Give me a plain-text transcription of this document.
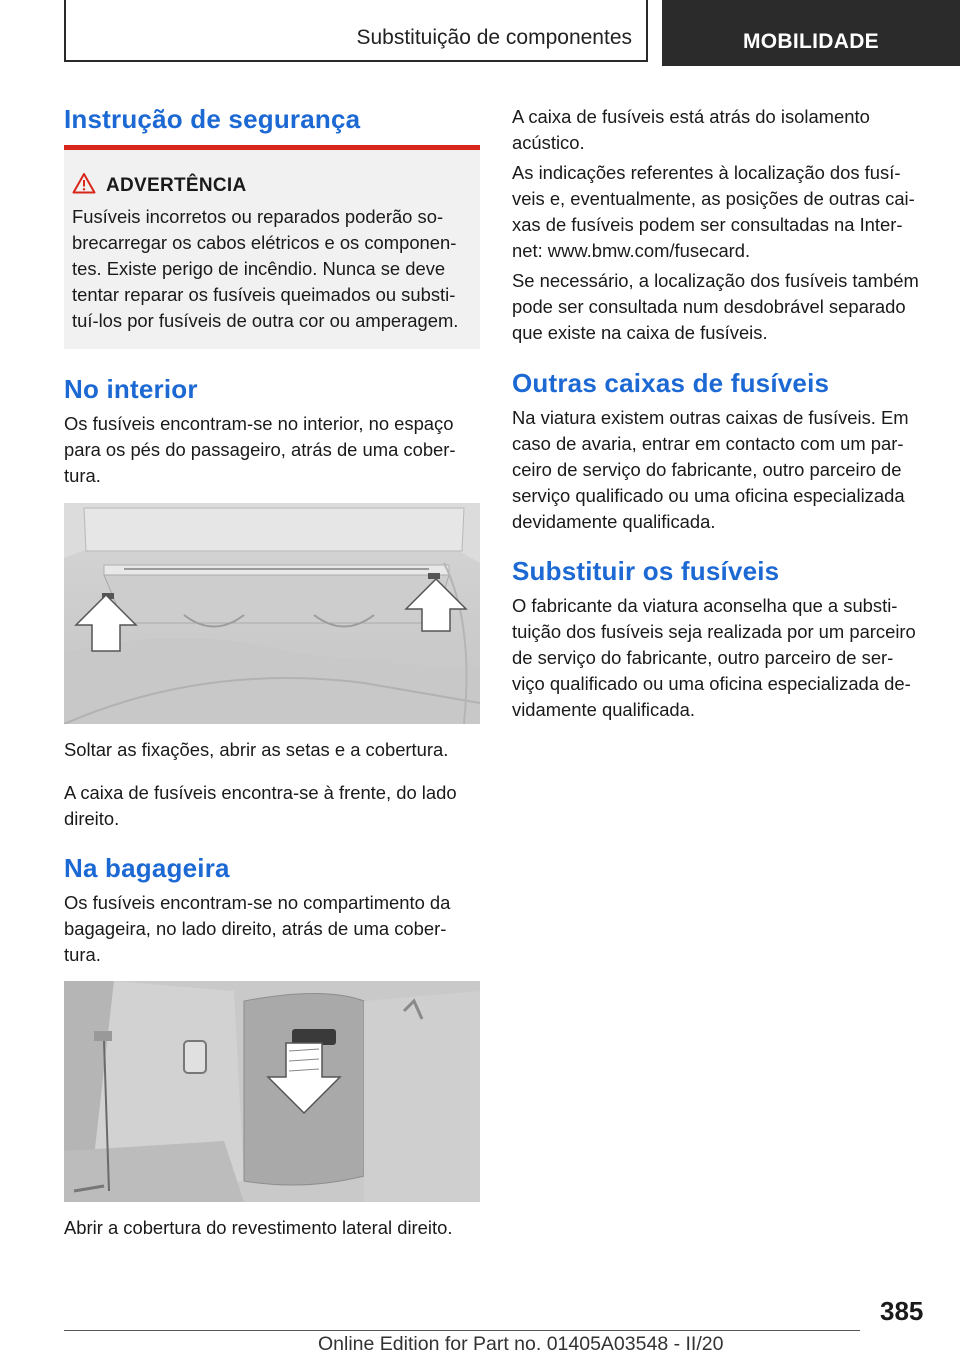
Substituição de componentes	MOBILIDADE
Instrução de segurança
ADVERTÊNCIA

Fusíveis incorretos ou reparados poderão so-

brecarregar os cabos elétricos e os componen-

tes. Existe perigo de incêndio. Nunca se deve

tentar reparar os fusíveis queimados ou substi-

tuí-los por fusíveis de outra cor ou amperagem.

No interior

Os fusíveis encontram-se no interior, no espaço

para os pés do passageiro, atrás de uma cober-

tura.

Soltar as fixações, abrir as setas e a cobertura.

A caixa de fusíveis encontra-se à frente, do lado

direito.

Na bagageira

Os fusíveis encontram-se no compartimento da

bagageira, no lado direito, atrás de uma cober-

tura.

Abrir a cobertura do revestimento lateral direito.

A caixa de fusíveis está atrás do isolamento

acústico.

As indicações referentes à localização dos fusí-

veis e, eventualmente, as posições de outras cai-

xas de fusíveis podem ser consultadas na Inter-

net: www.bmw.com/fusecard.

Se necessário, a localização dos fusíveis também

pode ser consultada num desdobrável separado

que existe na caixa de fusíveis.

Outras caixas de fusíveis

Na viatura existem outras caixas de fusíveis. Em

caso de avaria, entrar em contacto com um par-

ceiro de serviço do fabricante, outro parceiro de

serviço qualificado ou uma oficina especializada

devidamente qualificada.

Substituir os fusíveis

O fabricante da viatura aconselha que a substi-

tuição dos fusíveis seja realizada por um parceiro

de serviço do fabricante, outro parceiro de ser-

viço qualificado ou uma oficina especializada de-

vidamente qualificada.

385
Online Edition for Part no. 01405A03548 - II/20
